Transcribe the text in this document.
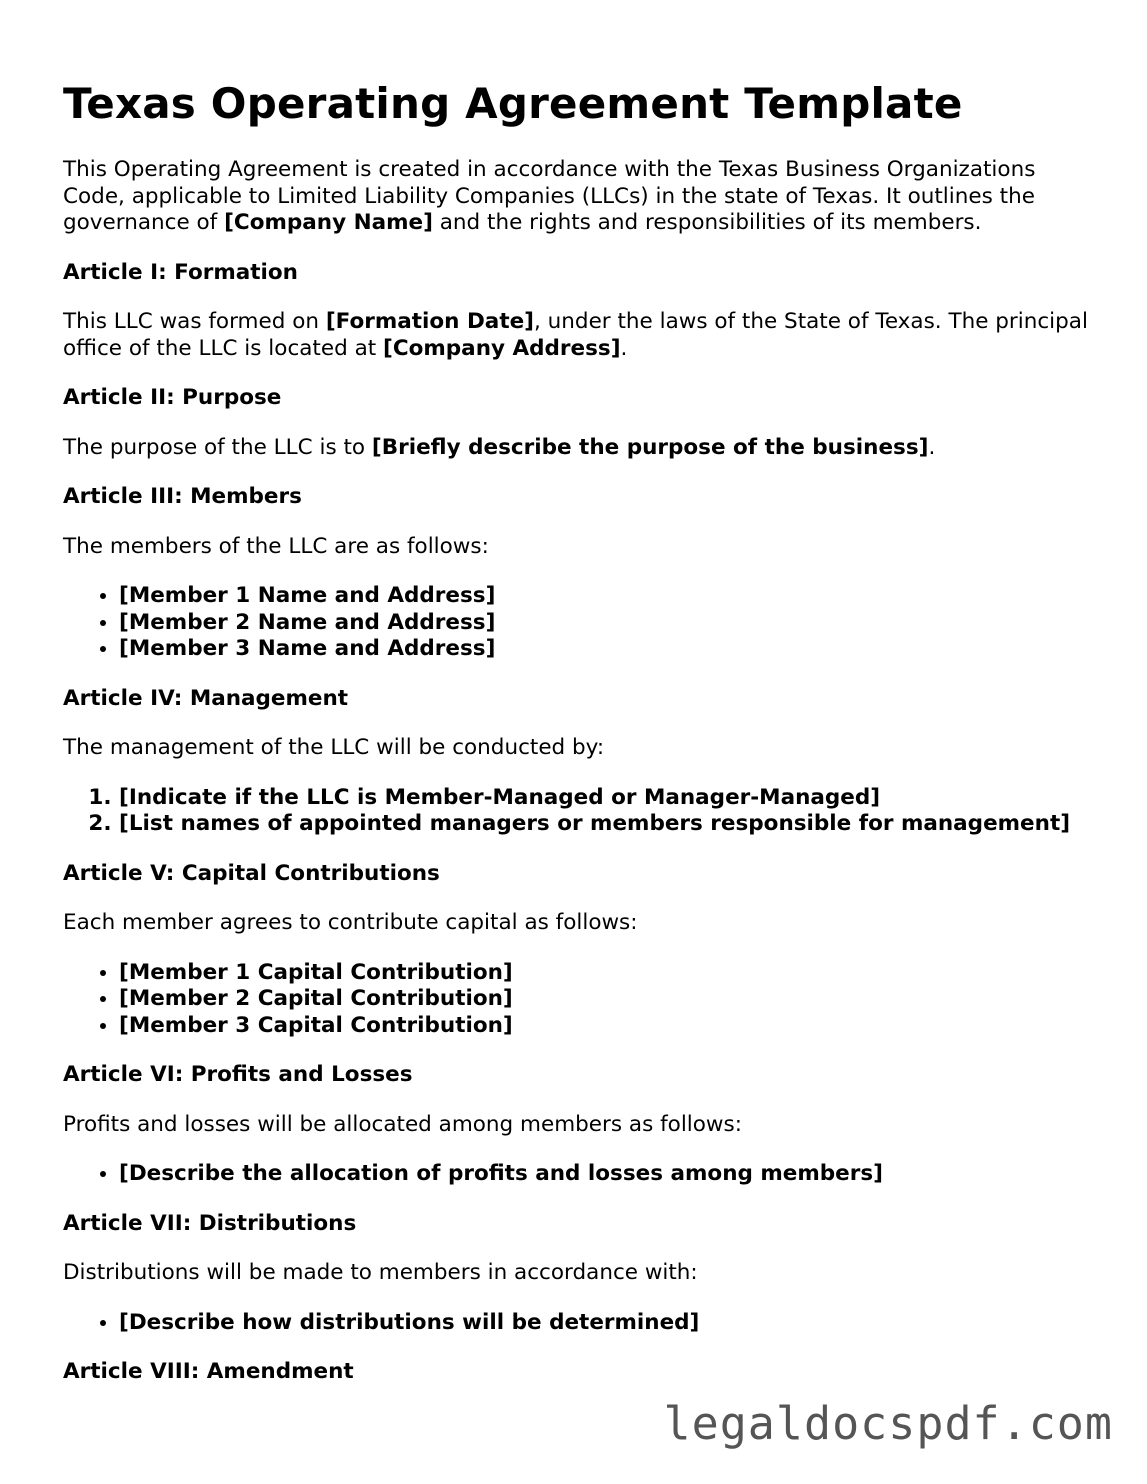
Texas Operating Agreement Template

This Operating Agreement is created in accordance with the Texas Business Organizations Code, applicable to Limited Liability Companies (LLCs) in the state of Texas. It outlines the governance of [Company Name] and the rights and responsibilities of its members.

Article I: Formation

This LLC was formed on [Formation Date], under the laws of the State of Texas. The principal office of the LLC is located at [Company Address].

Article II: Purpose

The purpose of the LLC is to [Briefly describe the purpose of the business].

Article III: Members

The members of the LLC are as follows:

• [Member 1 Name and Address]
• [Member 2 Name and Address]
• [Member 3 Name and Address]
Article IV: Management

The management of the LLC will be conducted by:

1. [Indicate if the LLC is Member-Managed or Manager-Managed]
2. [List names of appointed managers or members responsible for management]
Article V: Capital Contributions

Each member agrees to contribute capital as follows:

• [Member 1 Capital Contribution]
• [Member 2 Capital Contribution]
• [Member 3 Capital Contribution]
Article VI: Profits and Losses

Profits and losses will be allocated among members as follows:

• [Describe the allocation of profits and losses among members]
Article VII: Distributions

Distributions will be made to members in accordance with:

• [Describe how distributions will be determined]
Article VIII: Amendment
legaldocspdf.com
